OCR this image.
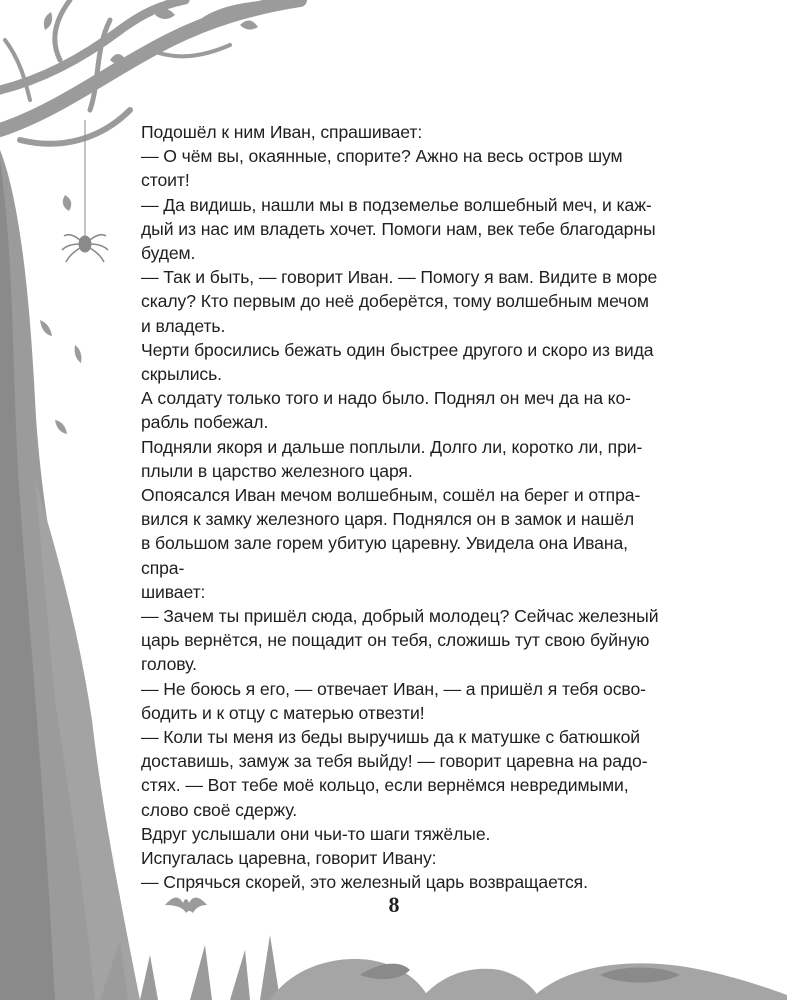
Подошёл к ним Иван, спрашивает:

— О чём вы, окаянные, спорите? Ажно на весь остров шум

стоит!

— Да видишь, нашли мы в подземелье волшебный меч, и каж-

дый из нас им владеть хочет. Помоги нам, век тебе благодарны

будем.

— Так и быть, — говорит Иван. — Помогу я вам. Видите в море

скалу? Кто первым до неё доберётся, тому волшебным мечом

и владеть.

Черти бросились бежать один быстрее другого и скоро из вида

скрылись.

А солдату только того и надо было. Поднял он меч да на ко-

рабль побежал.

Подняли якоря и дальше поплыли. Долго ли, коротко ли, при-

плыли в царство железного царя.

Опоясался Иван мечом волшебным, сошёл на берег и отпра-

вился к замку железного царя. Поднялся он в замок и нашёл

в большом зале горем убитую царевну. Увидела она Ивана, спра-

шивает:

— Зачем ты пришёл сюда, добрый молодец? Сейчас железный

царь вернётся, не пощадит он тебя, сложишь тут свою буйную

голову.

— Не боюсь я его, — отвечает Иван, — а пришёл я тебя осво-

бодить и к отцу с матерью отвезти!

— Коли ты меня из беды выручишь да к матушке с батюшкой

доставишь, замуж за тебя выйду! — говорит царевна на радо-

стях. — Вот тебе моё кольцо, если вернёмся невредимыми,

слово своё сдержу.

Вдруг услышали они чьи-то шаги тяжёлые.

Испугалась царевна, говорит Ивану:

— Спрячься скорей, это железный царь возвращается.

8
